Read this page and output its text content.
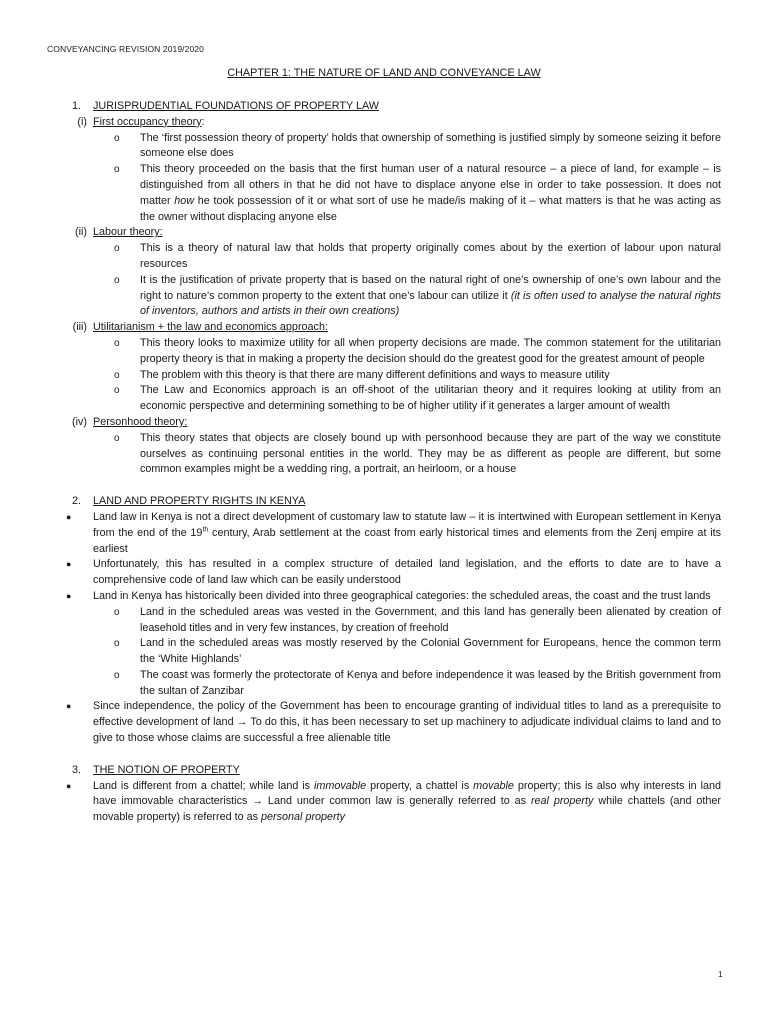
CONVEYANCING REVISION 2019/2020
CHAPTER 1: THE NATURE OF LAND AND CONVEYANCE LAW
1. JURISPRUDENTIAL FOUNDATIONS OF PROPERTY LAW
(i) First occupancy theory:
o The ‘first possession theory of property’ holds that ownership of something is justified simply by someone seizing it before someone else does
o This theory proceeded on the basis that the first human user of a natural resource – a piece of land, for example – is distinguished from all others in that he did not have to displace anyone else in order to take possession. It does not matter how he took possession of it or what sort of use he made/is making of it – what matters is that he was acting as the owner without displacing anyone else
(ii) Labour theory:
o This is a theory of natural law that holds that property originally comes about by the exertion of labour upon natural resources
o It is the justification of private property that is based on the natural right of one’s ownership of one’s own labour and the right to nature’s common property to the extent that one’s labour can utilize it (it is often used to analyse the natural rights of inventors, authors and artists in their own creations)
(iii) Utilitarianism + the law and economics approach:
o This theory looks to maximize utility for all when property decisions are made. The common statement for the utilitarian property theory is that in making a property the decision should do the greatest good for the greatest amount of people
o The problem with this theory is that there are many different definitions and ways to measure utility
o The Law and Economics approach is an off-shoot of the utilitarian theory and it requires looking at utility from an economic perspective and determining something to be of higher utility if it generates a larger amount of wealth
(iv) Personhood theory:
o This theory states that objects are closely bound up with personhood because they are part of the way we constitute ourselves as continuing personal entities in the world. They may be as different as people are different, but some common examples might be a wedding ring, a portrait, an heirloom, or a house
2. LAND AND PROPERTY RIGHTS IN KENYA
● Land law in Kenya is not a direct development of customary law to statute law – it is intertwined with European settlement in Kenya from the end of the 19th century, Arab settlement at the coast from early historical times and elements from the Zenj empire at its earliest
● Unfortunately, this has resulted in a complex structure of detailed land legislation, and the efforts to date are to have a comprehensive code of land law which can be easily understood
● Land in Kenya has historically been divided into three geographical categories: the scheduled areas, the coast and the trust lands
o Land in the scheduled areas was vested in the Government, and this land has generally been alienated by creation of leasehold titles and in very few instances, by creation of freehold
o Land in the scheduled areas was mostly reserved by the Colonial Government for Europeans, hence the common term the ‘White Highlands’
o The coast was formerly the protectorate of Kenya and before independence it was leased by the British government from the sultan of Zanzibar
● Since independence, the policy of the Government has been to encourage granting of individual titles to land as a prerequisite to effective development of land → To do this, it has been necessary to set up machinery to adjudicate individual claims to land and to give to those whose claims are successful a free alienable title
3. THE NOTION OF PROPERTY
● Land is different from a chattel; while land is immovable property, a chattel is movable property; this is also why interests in land have immovable characteristics → Land under common law is generally referred to as real property while chattels (and other movable property) is referred to as personal property
1
